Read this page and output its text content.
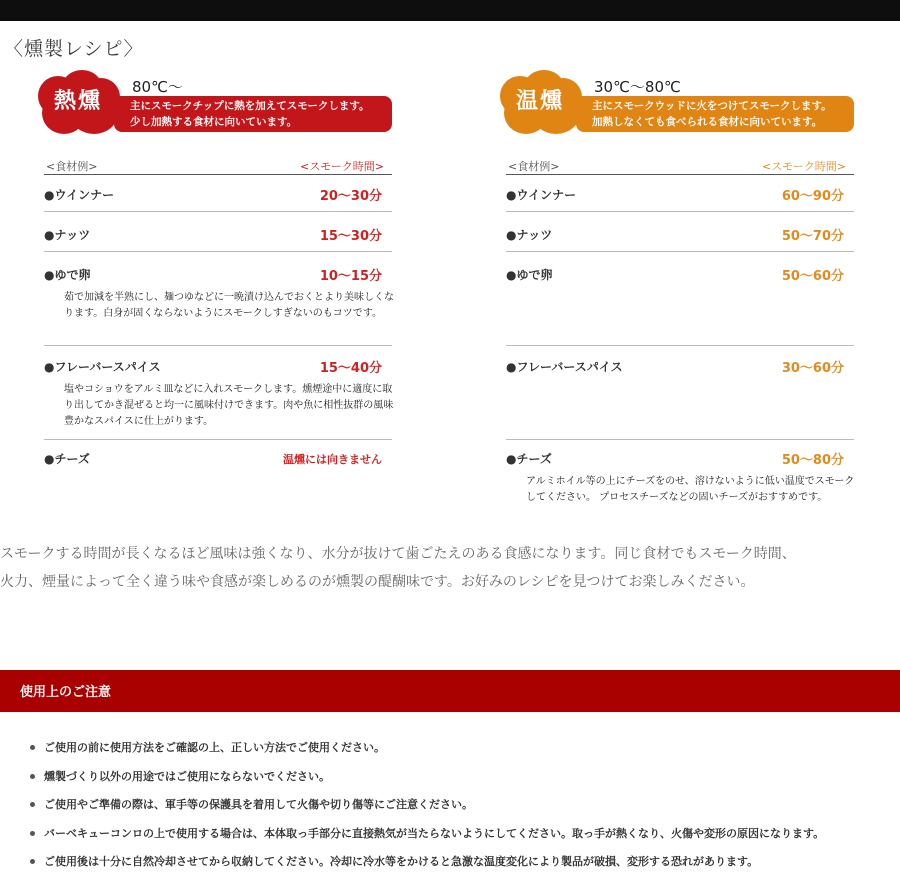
〈燻製レシピ〉
熱燻
80℃～
主にスモークチップに熱を加えてスモークします。
少し加熱する食材に向いています。
<食材例>	<スモーク時間>
●ウインナー	20〜30分
●ナッツ	15〜30分
●ゆで卵	10〜15分
茹で加減を半熟にし、麺つゆなどに一晩漬け込んでおくとより美味しくなります。白身が固くならないようにスモークしすぎないのもコツです。
●フレーバースパイス	15〜40分
塩やコショウをアルミ皿などに入れスモークします。燻煙途中に適度に取り出してかき混ぜると均一に風味付けできます。肉や魚に相性抜群の風味豊かなスパイスに仕上がります。
●チーズ	温燻には向きません
温燻
30℃～80℃
主にスモークウッドに火をつけてスモークします。
加熱しなくても食べられる食材に向いています。
<食材例>	<スモーク時間>
●ウインナー	60〜90分
●ナッツ	50〜70分
●ゆで卵	50〜60分
●フレーバースパイス	30〜60分
●チーズ	50〜80分
アルミホイル等の上にチーズをのせ、溶けないように低い温度でスモークしてください。 プロセスチーズなどの固いチーズがおすすめです。
スモークする時間が長くなるほど風味は強くなり、水分が抜けて歯ごたえのある食感になります。同じ食材でもスモーク時間、
火力、煙量によって全く違う味や食感が楽しめるのが燻製の醍醐味です。お好みのレシピを見つけてお楽しみください。
使用上のご注意
ご使用の前に使用方法をご確認の上、正しい方法でご使用ください。
燻製づくり以外の用途ではご使用にならないでください。
ご使用やご準備の際は、軍手等の保護具を着用して火傷や切り傷等にご注意ください。
バーベキューコンロの上で使用する場合は、本体取っ手部分に直接熱気が当たらないようにしてください。取っ手が熱くなり、火傷や変形の原因になります。
ご使用後は十分に自然冷却させてから収納してください。冷却に冷水等をかけると急激な温度変化により製品が破損、変形する恐れがあります。
